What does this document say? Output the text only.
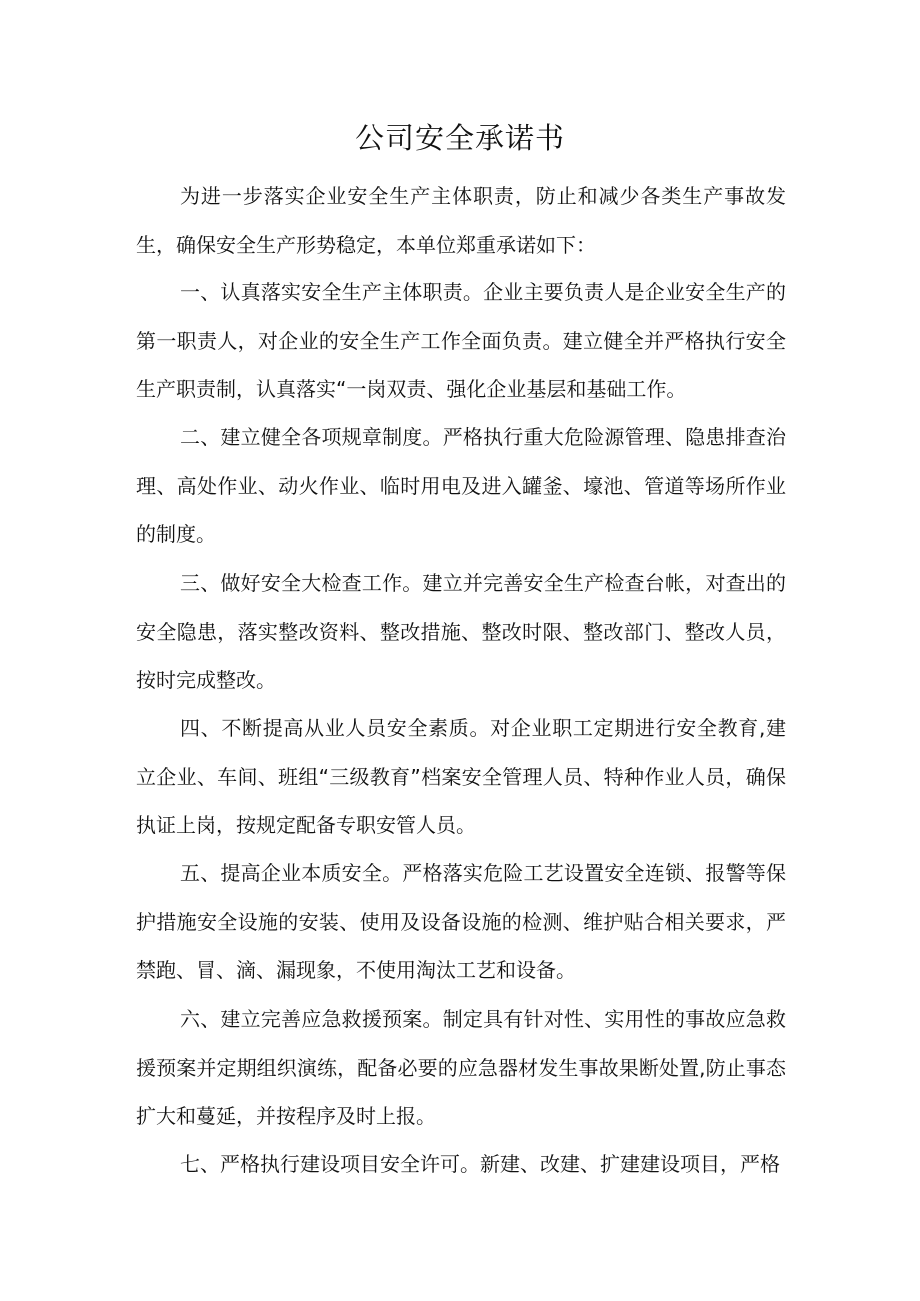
公司安全承诺书

为进一步落实企业安全生产主体职责，防止和减少各类生产事故发生，确保安全生产形势稳定，本单位郑重承诺如下：

一、认真落实安全生产主体职责。企业主要负责人是企业安全生产的第一职责人，对企业的安全生产工作全面负责。建立健全并严格执行安全生产职责制，认真落实“一岗双责、强化企业基层和基础工作。

二、建立健全各项规章制度。严格执行重大危险源管理、隐患排查治理、高处作业、动火作业、临时用电及进入罐釜、壕池、管道等场所作业的制度。

三、做好安全大检查工作。建立并完善安全生产检查台帐，对查出的安全隐患，落实整改资料、整改措施、整改时限、整改部门、整改人员，按时完成整改。

四、不断提高从业人员安全素质。对企业职工定期进行安全教育,建立企业、车间、班组“三级教育”档案安全管理人员、特种作业人员，确保执证上岗，按规定配备专职安管人员。

五、提高企业本质安全。严格落实危险工艺设置安全连锁、报警等保护措施安全设施的安装、使用及设备设施的检测、维护贴合相关要求，严禁跑、冒、滴、漏现象，不使用淘汰工艺和设备。

六、建立完善应急救援预案。制定具有针对性、实用性的事故应急救援预案并定期组织演练，配备必要的应急器材发生事故果断处置,防止事态扩大和蔓延，并按程序及时上报。

七、严格执行建设项目安全许可。新建、改建、扩建建设项目，严格
